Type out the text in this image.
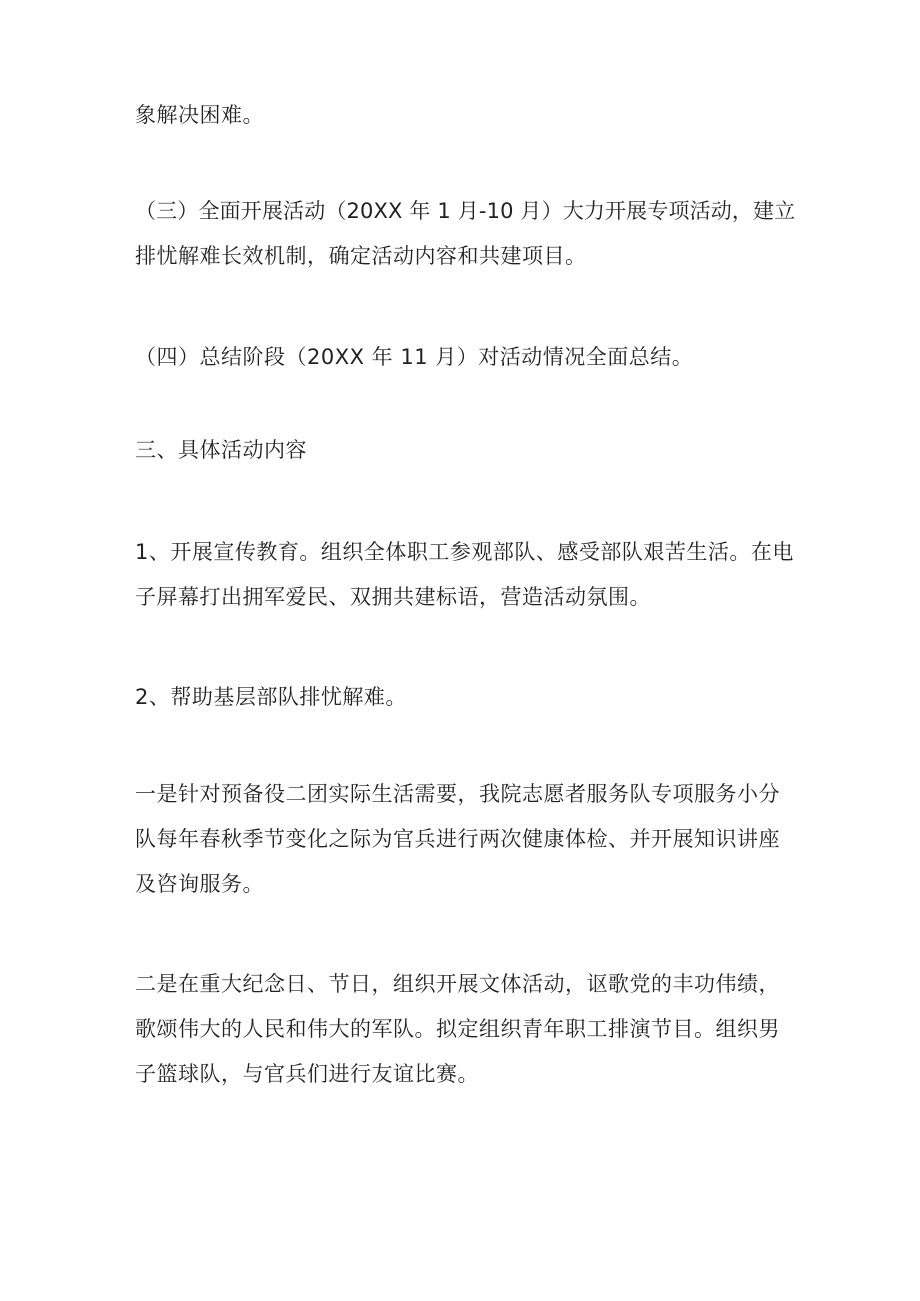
象解决困难。

（三）全面开展活动（20XX 年 1 月-10 月）大力开展专项活动，建立
排忧解难长效机制，确定活动内容和共建项目。

（四）总结阶段（20XX 年 11 月）对活动情况全面总结。

三、具体活动内容

1、开展宣传教育。组织全体职工参观部队、感受部队艰苦生活。在电
子屏幕打出拥军爱民、双拥共建标语，营造活动氛围。

2、帮助基层部队排忧解难。

一是针对预备役二团实际生活需要，我院志愿者服务队专项服务小分
队每年春秋季节变化之际为官兵进行两次健康体检、并开展知识讲座
及咨询服务。

二是在重大纪念日、节日，组织开展文体活动，讴歌党的丰功伟绩，
歌颂伟大的人民和伟大的军队。拟定组织青年职工排演节目。组织男
子篮球队，与官兵们进行友谊比赛。
